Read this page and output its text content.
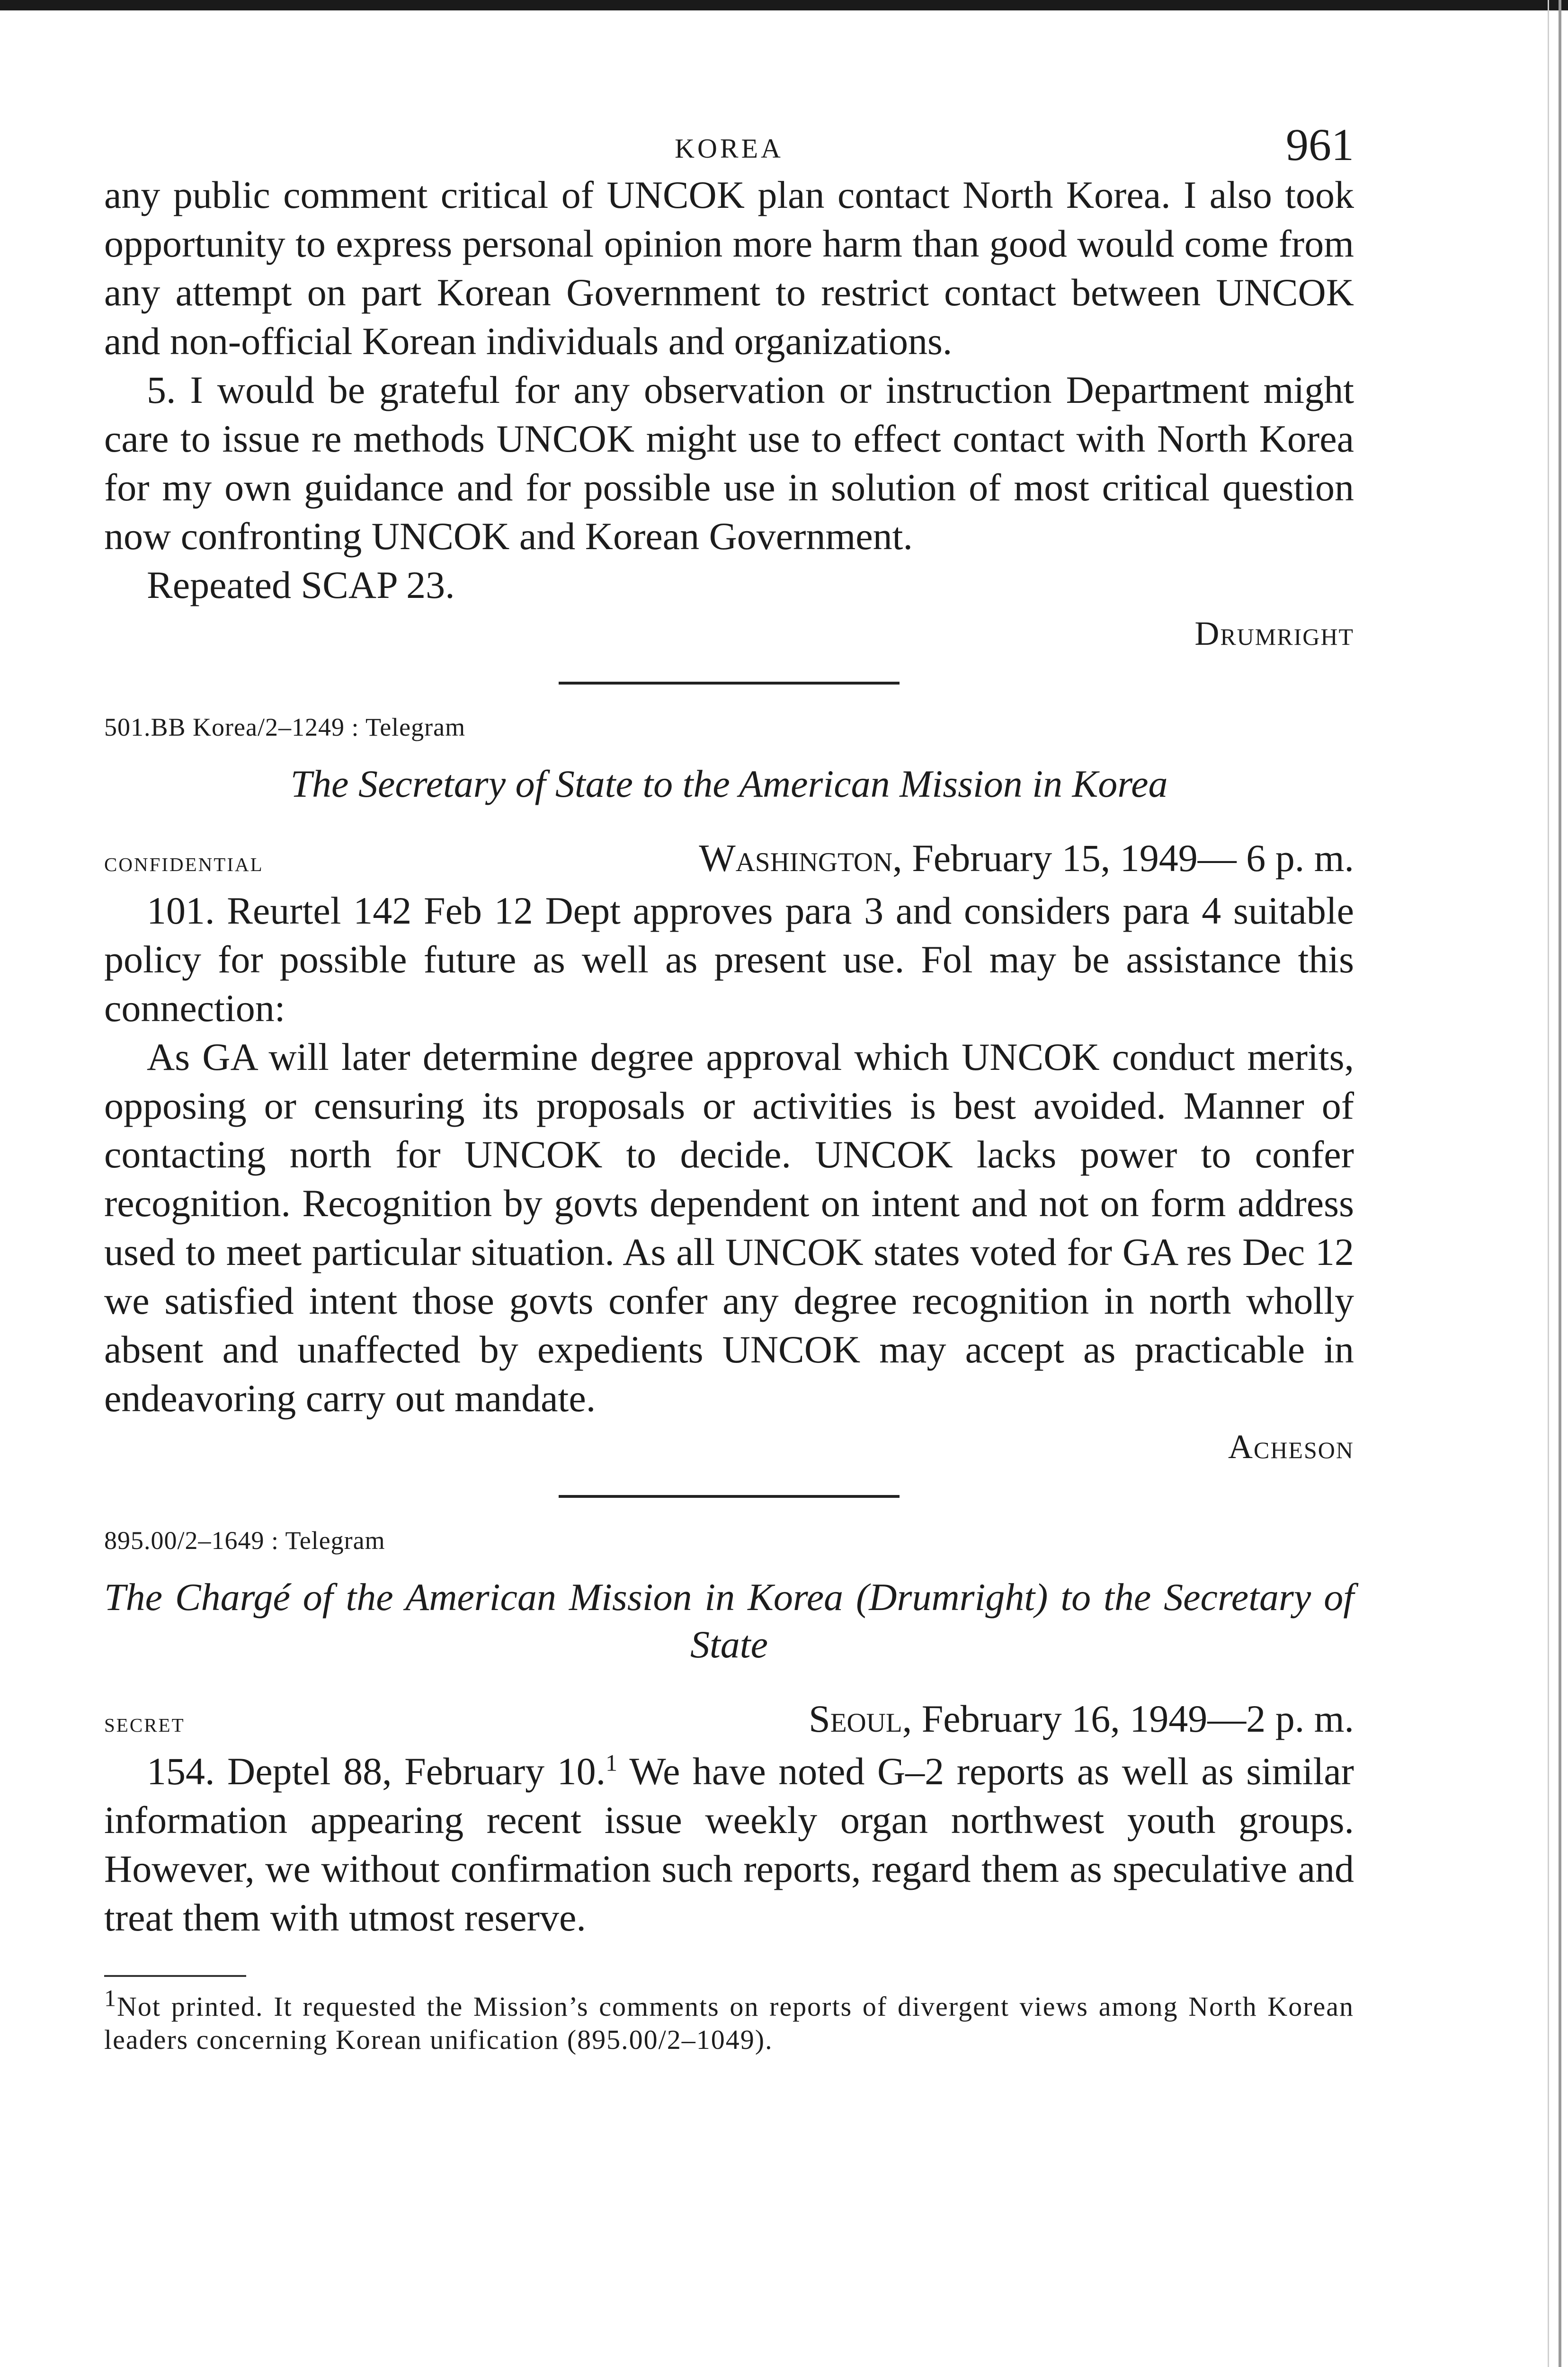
KOREA	961

any public comment critical of UNCOK plan contact North Korea. I also took opportunity to express personal opinion more harm than good would come from any attempt on part Korean Government to restrict contact between UNCOK and non-official Korean individuals and organizations.

5. I would be grateful for any observation or instruction Department might care to issue re methods UNCOK might use to effect contact with North Korea for my own guidance and for possible use in solution of most critical question now confronting UNCOK and Korean Government.

Repeated SCAP 23.

Drumright
501.BB Korea/2–1249 : Telegram
The Secretary of State to the American Mission in Korea
confidential	Washington, February 15, 1949— 6 p. m.

101. Reurtel 142 Feb 12 Dept approves para 3 and considers para 4 suitable policy for possible future as well as present use. Fol may be assistance this connection:

As GA will later determine degree approval which UNCOK conduct merits, opposing or censuring its proposals or activities is best avoided. Manner of contacting north for UNCOK to decide. UNCOK lacks power to confer recognition. Recognition by govts dependent on intent and not on form address used to meet particular situation. As all UNCOK states voted for GA res Dec 12 we satisfied intent those govts confer any degree recognition in north wholly absent and unaffected by expedients UNCOK may accept as practicable in endeavoring carry out mandate.

Acheson
895.00/2–1649 : Telegram
The Chargé of the American Mission in Korea (Drumright) to the Secretary of State
secret	Seoul, February 16, 1949—2 p. m.

154. Deptel 88, February 10.$^1$ We have noted G–2 reports as well as similar information appearing recent issue weekly organ northwest youth groups. However, we without confirmation such reports, regard them as speculative and treat them with utmost reserve.

$^1$Not printed. It requested the Mission’s comments on reports of divergent views among North Korean leaders concerning Korean unification (895.00/2–1049).
